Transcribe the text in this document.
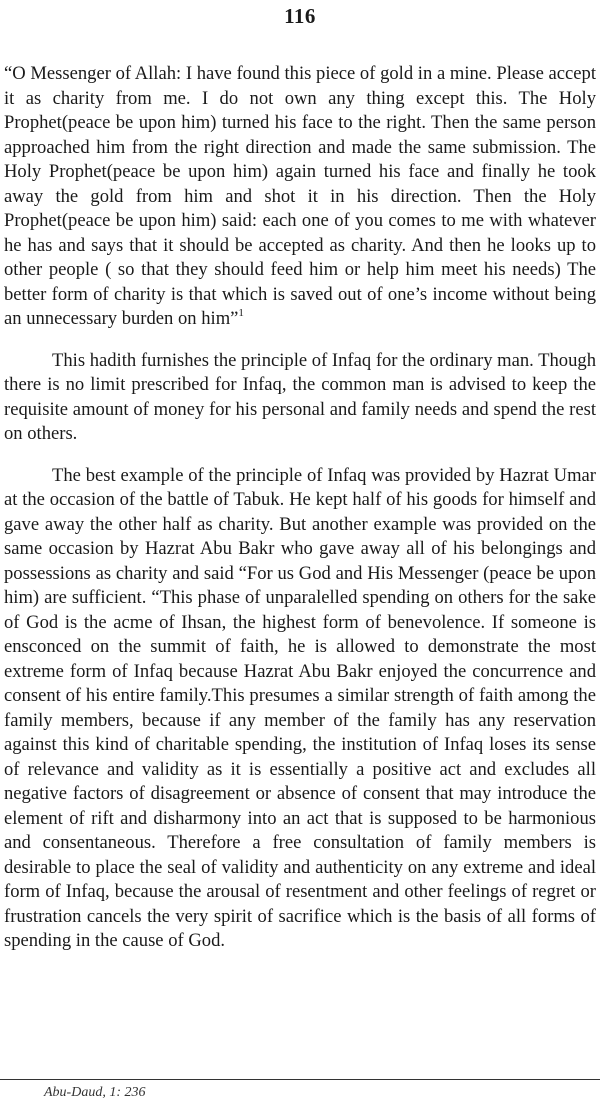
116

“O Messenger of Allah: I have found this piece of gold in a mine. Please accept it as charity from me. I do not own any thing except this. The Holy Prophet(peace be upon him) turned his face to the right. Then the same person approached him from the right direction and made the same submission. The Holy Prophet(peace be upon him) again turned his face and finally he took away the gold from him and shot it in his direction. Then the Holy Prophet(peace be upon him) said: each one of you comes to me with whatever he has and says that it should be accepted as charity. And then he looks up to other people ( so that they should feed him or help him meet his needs) The better form of charity is that which is saved out of one’s income without being an unnecessary burden on him”$^1$

This hadith furnishes the principle of Infaq for the ordinary man. Though there is no limit prescribed for Infaq, the common man is advised to keep the requisite amount of money for his personal and family needs and spend the rest on others.

The best example of the principle of Infaq was provided by Hazrat Umar at the occasion of the battle of Tabuk. He kept half of his goods for himself and gave away the other half as charity. But another example was provided on the same occasion by Hazrat Abu Bakr who gave away all of his belongings and possessions as charity and said “For us God and His Messenger (peace be upon him) are sufficient. “This phase of unparalelled spending on others for the sake of God is the acme of Ihsan, the highest form of benevolence. If someone is ensconced on the summit of faith, he is allowed to demonstrate the most extreme form of Infaq because Hazrat Abu Bakr enjoyed the concurrence and consent of his entire family.This presumes a similar strength of faith among the family members, because if any member of the family has any reservation against this kind of charitable spending, the institution of Infaq loses its sense of relevance and validity as it is essentially a positive act and excludes all negative factors of disagreement or absence of consent that may introduce the element of rift and disharmony into an act that is supposed to be harmonious and consentaneous. Therefore a free consultation of family members is desirable to place the seal of validity and authenticity on any extreme and ideal form of Infaq, because the arousal of resentment and other feelings of regret or frustration cancels the very spirit of sacrifice which is the basis of all forms of spending in the cause of God.

Abu-Daud, 1: 236
